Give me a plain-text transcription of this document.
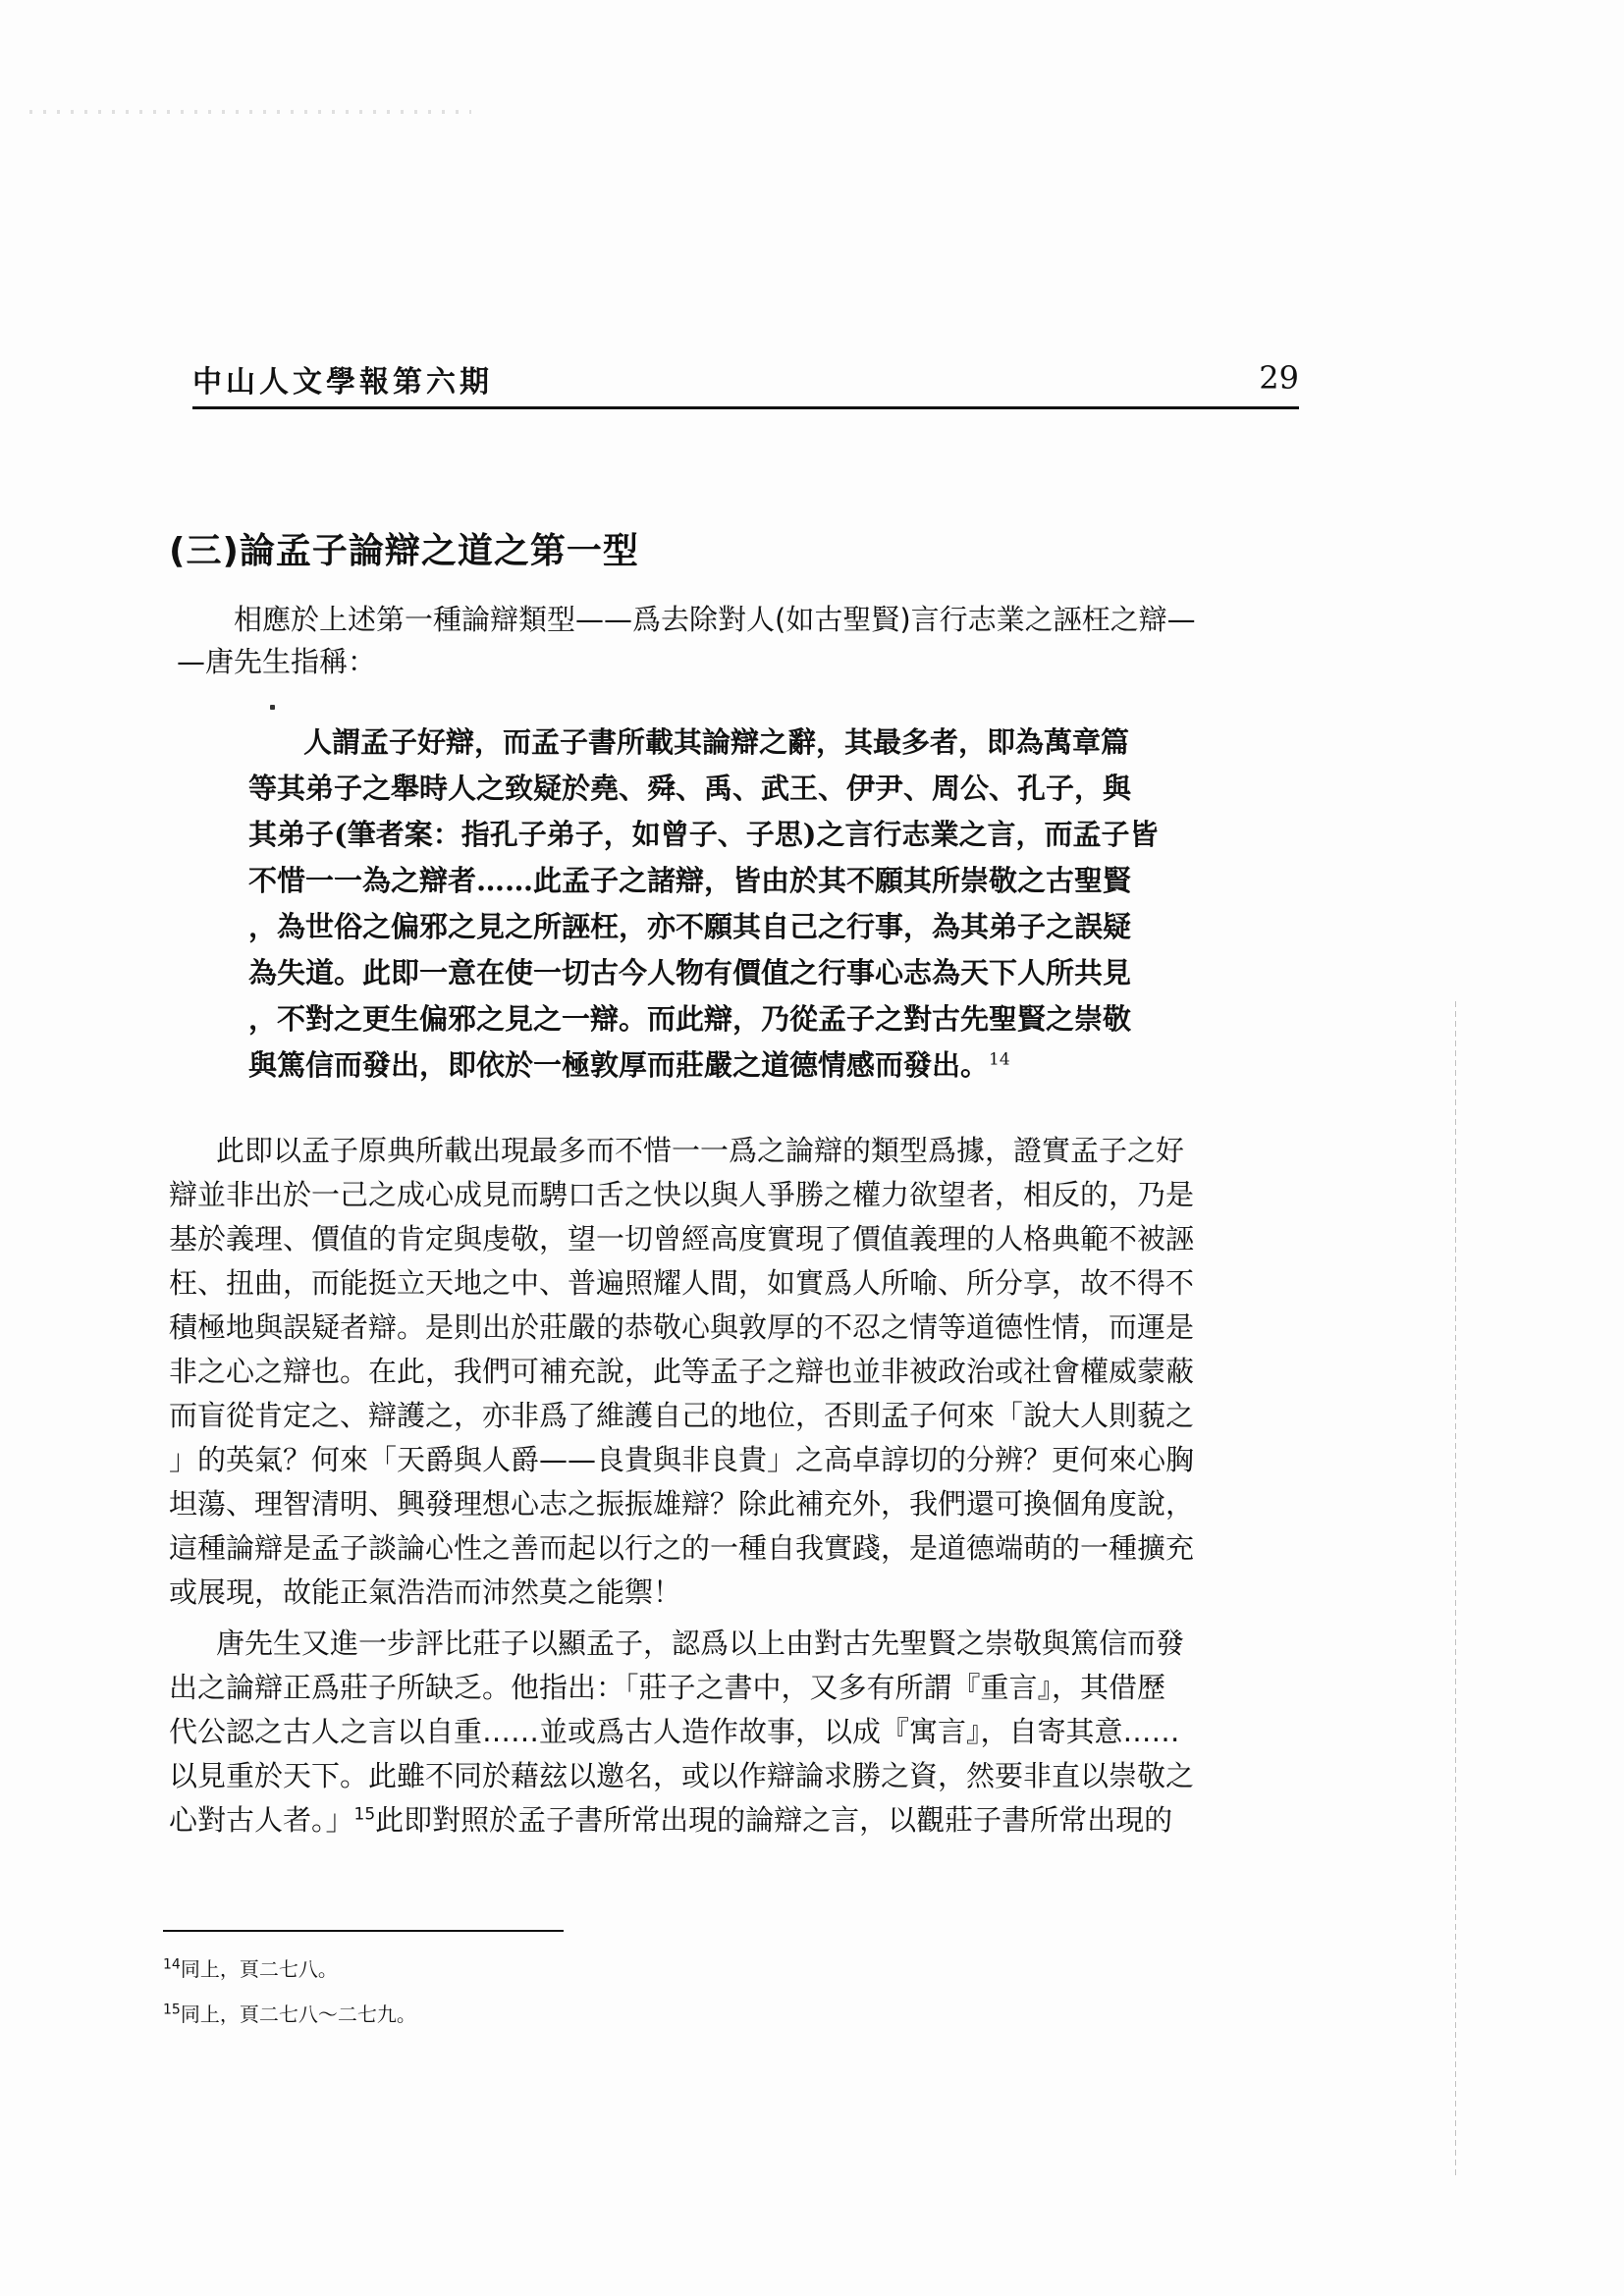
中山人文學報第六期	29
(三)論孟子論辯之道之第一型
相應於上述第一種論辯類型——爲去除對人(如古聖賢)言行志業之誣枉之辯—
—唐先生指稱：
人謂孟子好辯，而孟子書所載其論辯之辭，其最多者，即為萬章篇
等其弟子之舉時人之致疑於堯、舜、禹、武王、伊尹、周公、孔子，與
其弟子(筆者案：指孔子弟子，如曾子、子思)之言行志業之言，而孟子皆
不惜一一為之辯者……此孟子之諸辯，皆由於其不願其所崇敬之古聖賢
，為世俗之偏邪之見之所誣枉，亦不願其自己之行事，為其弟子之誤疑
為失道。此即一意在使一切古今人物有價值之行事心志為天下人所共見
，不對之更生偏邪之見之一辯。而此辯，乃從孟子之對古先聖賢之崇敬
與篤信而發出，即依於一極敦厚而莊嚴之道德情感而發出。$^{14}$
此即以孟子原典所載出現最多而不惜一一爲之論辯的類型爲據，證實孟子之好
辯並非出於一己之成心成見而騁口舌之快以與人爭勝之權力欲望者，相反的，乃是
基於義理、價值的肯定與虔敬，望一切曾經高度實現了價值義理的人格典範不被誣
枉、扭曲，而能挺立天地之中、普遍照耀人間，如實爲人所喻、所分享，故不得不
積極地與誤疑者辯。是則出於莊嚴的恭敬心與敦厚的不忍之情等道德性情，而運是
非之心之辯也。在此，我們可補充說，此等孟子之辯也並非被政治或社會權威蒙蔽
而盲從肯定之、辯護之，亦非爲了維護自己的地位，否則孟子何來「說大人則藐之
」的英氣？何來「天爵與人爵——良貴與非良貴」之高卓諄切的分辨？更何來心胸
坦蕩、理智清明、興發理想心志之振振雄辯？除此補充外，我們還可換個角度說，
這種論辯是孟子談論心性之善而起以行之的一種自我實踐，是道德端萌的一種擴充
或展現，故能正氣浩浩而沛然莫之能禦！
唐先生又進一步評比莊子以顯孟子，認爲以上由對古先聖賢之崇敬與篤信而發
出之論辯正爲莊子所缺乏。他指出：「莊子之書中，又多有所謂『重言』，其借歷
代公認之古人之言以自重……並或爲古人造作故事，以成『寓言』，自寄其意……
以見重於天下。此雖不同於藉玆以邀名，或以作辯論求勝之資，然要非直以崇敬之
心對古人者。」$^{15}$此即對照於孟子書所常出現的論辯之言，以觀莊子書所常出現的
$^{14}$同上，頁二七八。
$^{15}$同上，頁二七八～二七九。
